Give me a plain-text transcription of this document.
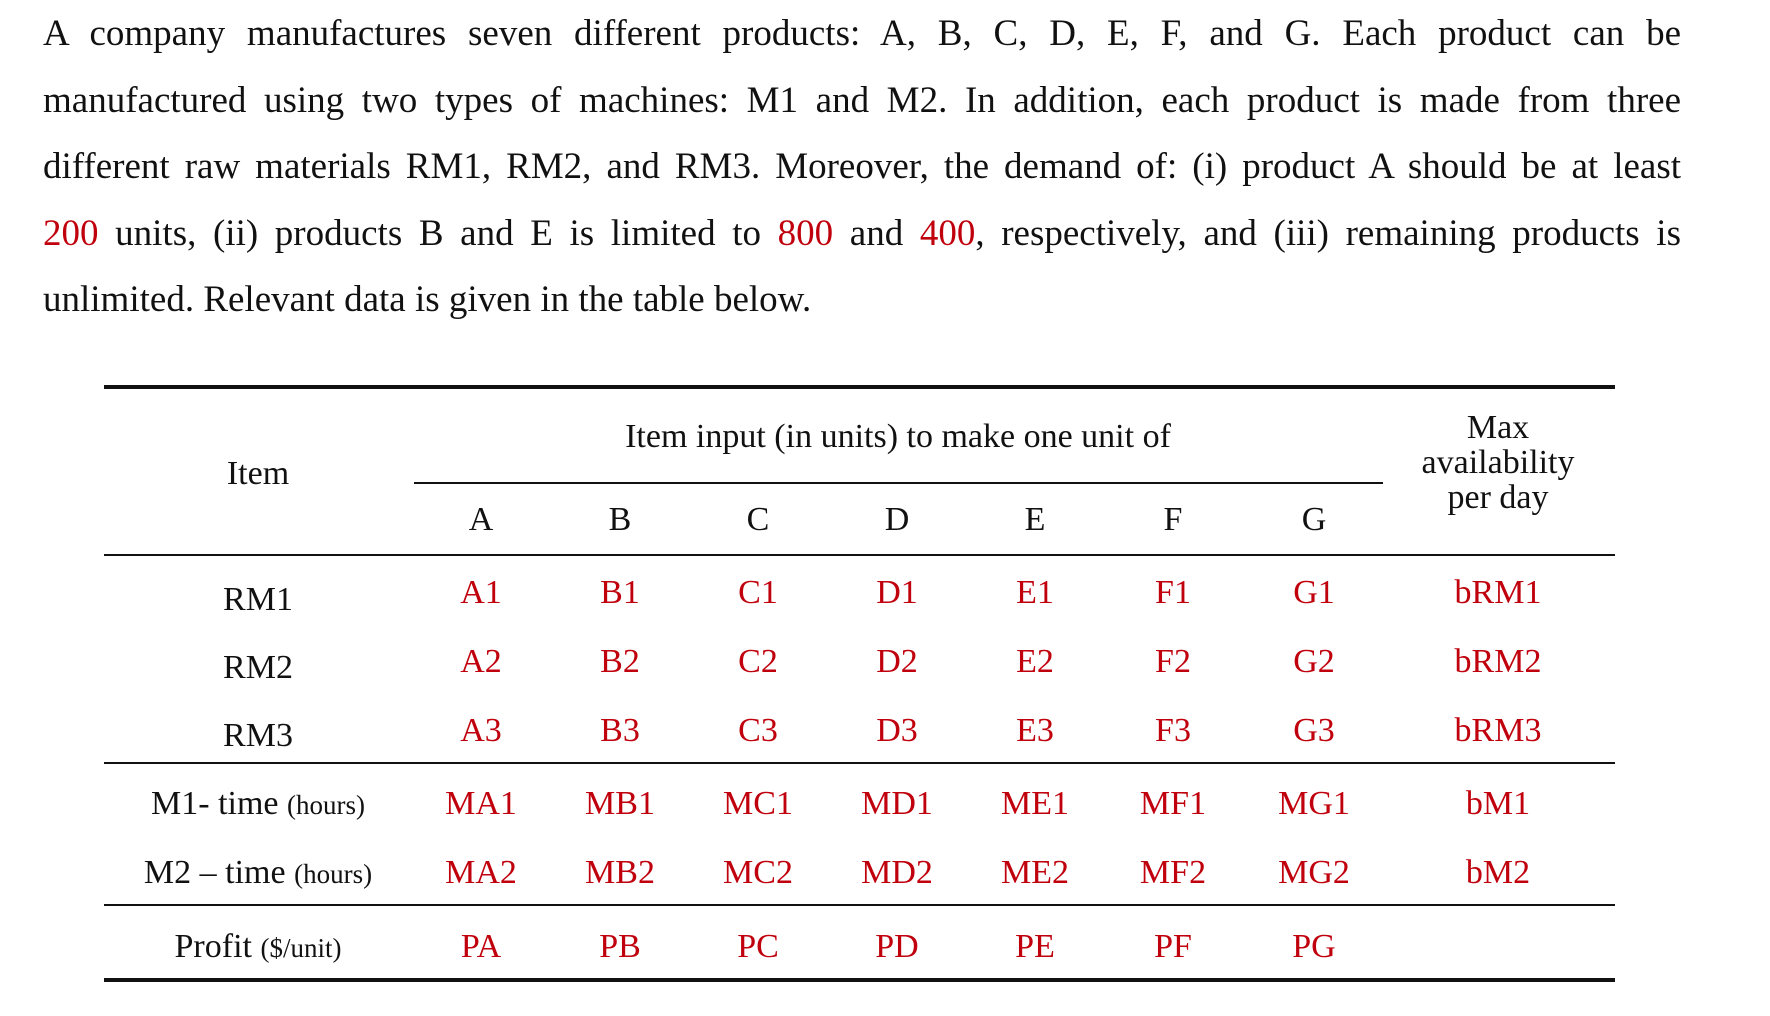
A company manufactures seven different products: A, B, C, D, E, F, and G. Each product can be
manufactured using two types of machines: M1 and M2. In addition, each product is made from three
different raw materials RM1, RM2, and RM3. Moreover, the demand of: (i) product A should be at least
200 units, (ii) products B and E is limited to 800 and 400, respectively, and (iii) remaining products is
unlimited. Relevant data is given in the table below.
Item
Item input (in units) to make one unit of	Max
availability
per day
A	B	C	D	E	F	G
RM1	A1	B1	C1	D1	E1	F1	G1	bRM1
RM2	A2	B2	C2	D2	E2	F2	G2	bRM2
RM3	A3	B3	C3	D3	E3	F3	G3	bRM3
M1- time (hours) MA1 MB1 MC1 MD1 ME1 MF1 MG1	bM1
M2 – time (hours) MA2 MB2 MC2 MD2 ME2 MF2 MG2	bM2
Profit ($/unit)	PA	PB	PC	PD	PE	PF	PG
